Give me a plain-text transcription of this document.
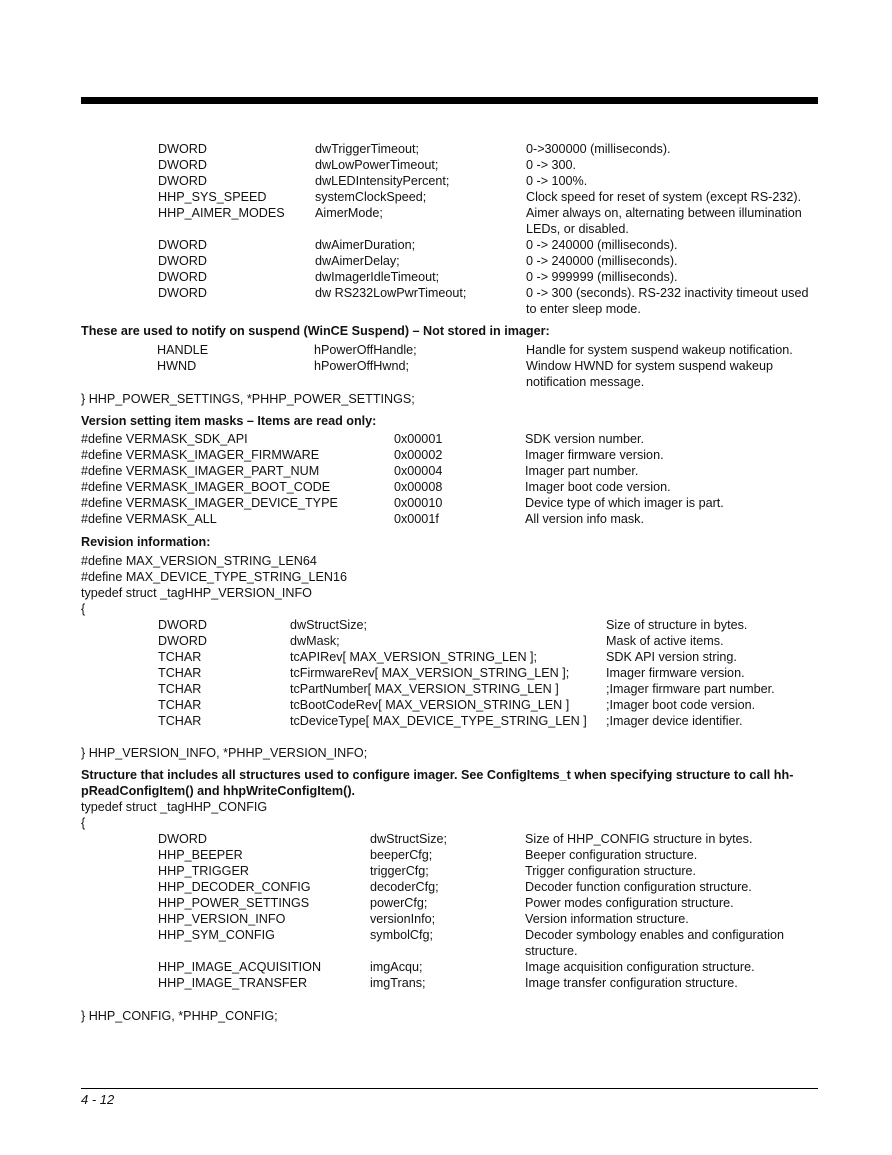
DWORD	dwTriggerTimeout;	0->300000 (milliseconds).
DWORD	dwLowPowerTimeout;	0 -> 300.
DWORD	dwLEDIntensityPercent;	0 -> 100%.
HHP_SYS_SPEED	systemClockSpeed;	Clock speed for reset of system (except RS-232).
HHP_AIMER_MODES AimerMode;	Aimer always on, alternating between illumination LEDs, or disabled.
DWORD	dwAimerDuration;	0 -> 240000 (milliseconds).
DWORD	dwAimerDelay;	0 -> 240000 (milliseconds).
DWORD	dwImagerIdleTimeout;	0 -> 999999 (milliseconds).
DWORD	dw RS232LowPwrTimeout;	0 -> 300 (seconds). RS-232 inactivity timeout used to enter sleep mode.
These are used to notify on suspend (WinCE Suspend) – Not stored in imager:
HANDLE	hPowerOffHandle;	Handle for system suspend wakeup notification.
HWND	hPowerOffHwnd;	Window HWND for system suspend wakeup notification message.
} HHP_POWER_SETTINGS, *PHHP_POWER_SETTINGS;
Version setting item masks – Items are read only:
#define VERMASK_SDK_API	0x00001	SDK version number.
#define VERMASK_IMAGER_FIRMWARE	0x00002	Imager firmware version.
#define VERMASK_IMAGER_PART_NUM	0x00004	Imager part number.
#define VERMASK_IMAGER_BOOT_CODE	0x00008	Imager boot code version.
#define VERMASK_IMAGER_DEVICE_TYPE	0x00010	Device type of which imager is part.
#define VERMASK_ALL	0x0001f	All version info mask.
Revision information:
#define MAX_VERSION_STRING_LEN64
#define MAX_DEVICE_TYPE_STRING_LEN16
typedef struct _tagHHP_VERSION_INFO
{
DWORD	dwStructSize;	Size of structure in bytes.
DWORD	dwMask;	Mask of active items.
TCHAR	tcAPIRev[ MAX_VERSION_STRING_LEN ];	SDK API version string.
TCHAR	tcFirmwareRev[ MAX_VERSION_STRING_LEN ];	Imager firmware version.
TCHAR	tcPartNumber[ MAX_VERSION_STRING_LEN ]	;Imager firmware part number.
TCHAR	tcBootCodeRev[ MAX_VERSION_STRING_LEN ]	;Imager boot code version.
TCHAR	tcDeviceType[ MAX_DEVICE_TYPE_STRING_LEN ] ;Imager device identifier.
} HHP_VERSION_INFO, *PHHP_VERSION_INFO;
Structure that includes all structures used to configure imager. See ConfigItems_t when specifying structure to call hh-
pReadConfigItem() and hhpWriteConfigItem().
typedef struct _tagHHP_CONFIG
{
DWORD	dwStructSize;	Size of HHP_CONFIG structure in bytes.
HHP_BEEPER	beeperCfg;	Beeper configuration structure.
HHP_TRIGGER	triggerCfg;	Trigger configuration structure.
HHP_DECODER_CONFIG	decoderCfg;	Decoder function configuration structure.
HHP_POWER_SETTINGS	powerCfg;	Power modes configuration structure.
HHP_VERSION_INFO	versionInfo;	Version information structure.
HHP_SYM_CONFIG	symbolCfg;	Decoder symbology enables and configuration structure.
HHP_IMAGE_ACQUISITION	imgAcqu;	Image acquisition configuration structure.
HHP_IMAGE_TRANSFER	imgTrans;	Image transfer configuration structure.
} HHP_CONFIG, *PHHP_CONFIG;
4 - 12
